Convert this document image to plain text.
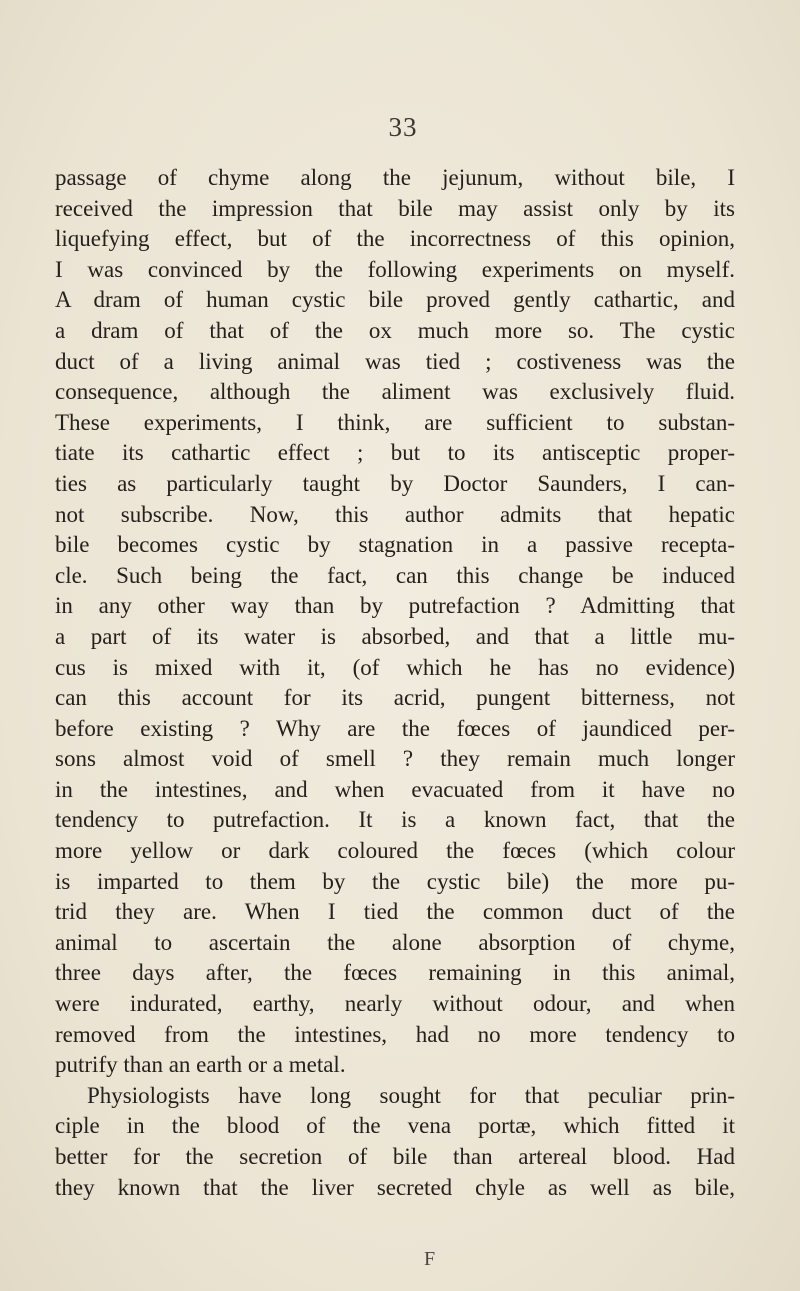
33
passage of chyme along the jejunum, without bile, I
received the impression that bile may assist only by its
liquefying effect, but of the incorrectness of this opinion,
I was convinced by the following experiments on myself.
A dram of human cystic bile proved gently cathartic, and
a dram of that of the ox much more so. The cystic
duct of a living animal was tied ; costiveness was the
consequence, although the aliment was exclusively fluid.
These experiments, I think, are sufficient to substan-
tiate its cathartic effect ; but to its antisceptic proper-
ties as particularly taught by Doctor Saunders, I can-
not subscribe. Now, this author admits that hepatic
bile becomes cystic by stagnation in a passive recepta-
cle. Such being the fact, can this change be induced
in any other way than by putrefaction ? Admitting that
a part of its water is absorbed, and that a little mu-
cus is mixed with it, (of which he has no evidence)
can this account for its acrid, pungent bitterness, not
before existing ? Why are the fœces of jaundiced per-
sons almost void of smell ? they remain much longer
in the intestines, and when evacuated from it have no
tendency to putrefaction. It is a known fact, that the
more yellow or dark coloured the fœces (which colour
is imparted to them by the cystic bile) the more pu-
trid they are. When I tied the common duct of the
animal to ascertain the alone absorption of chyme,
three days after, the fœces remaining in this animal,
were indurated, earthy, nearly without odour, and when
removed from the intestines, had no more tendency to
putrify than an earth or a metal.
Physiologists have long sought for that peculiar prin-
ciple in the blood of the vena portæ, which fitted it
better for the secretion of bile than artereal blood. Had
they known that the liver secreted chyle as well as bile,
F
